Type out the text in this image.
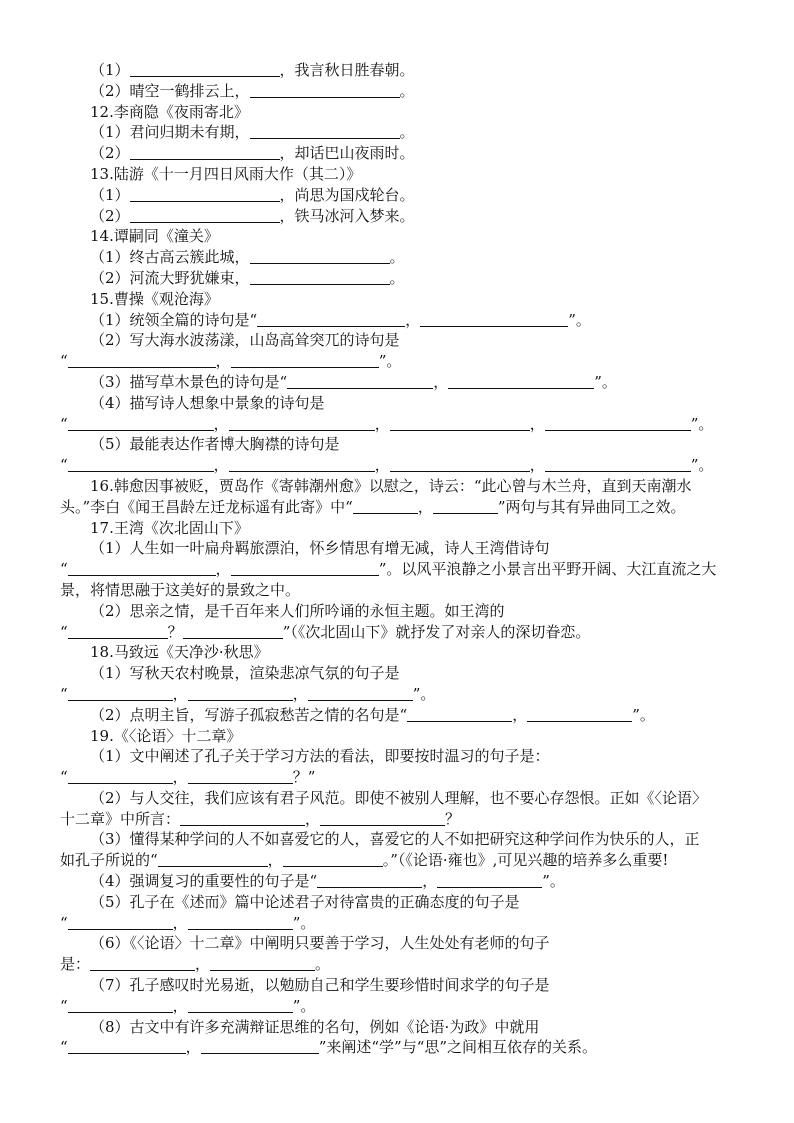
（1）	，我言秋日胜春朝。
（2）晴空一鹤排云上，	。
12.李商隐《夜雨寄北》
（1）君问归期未有期，	。
（2）	，却话巴山夜雨时。
13.陆游《十一月四日风雨大作（其二）》
（1）	，尚思为国戍轮台。
（2）	，铁马冰河入梦来。
14.谭嗣同《潼关》
（1）终古高云簇此城，	。
（2）河流大野犹嫌束，	。
15.曹操《观沧海》
（1）统领全篇的诗句是“	，	”。
（2）写大海水波荡漾，山岛高耸突兀的诗句是
“	，	”。
（3）描写草木景色的诗句是“	，	”。
（4）描写诗人想象中景象的诗句是
“	，	，	，	”。
（5）最能表达作者博大胸襟的诗句是
“	，	，	，	”。
16.韩愈因事被贬，贾岛作《寄韩潮州愈》以慰之，诗云：“此心曾与木兰舟，直到天南潮水
头。”李白《闻王昌龄左迁龙标遥有此寄》中“	，	”两句与其有异曲同工之效。
17.王湾《次北固山下》
（1）人生如一叶扁舟羁旅漂泊，怀乡情思有增无减，诗人王湾借诗句
“	，	”。以风平浪静之小景言出平野开阔、大江直流之大
景，将情思融于这美好的景致之中。
（2）思亲之情，是千百年来人们所吟诵的永恒主题。如王湾的
“	？	”（《次北固山下》就抒发了对亲人的深切眷恋。
18.马致远《天净沙·秋思》
（1）写秋天农村晚景，渲染悲凉气氛的句子是
“	，	，	”。
（2）点明主旨，写游子孤寂愁苦之情的名句是“	，	”。
19.《〈论语〉十二章》
（1）文中阐述了孔子关于学习方法的看法，即要按时温习的句子是：
“	，	？”
（2）与人交往，我们应该有君子风范。即使不被别人理解，也不要心存怨恨。正如《〈论语〉
十二章》中所言：	，	？
（3）懂得某种学问的人不如喜爱它的人，喜爱它的人不如把研究这种学问作为快乐的人，正
如孔子所说的“	，	。”（《论语·雍也》,可见兴趣的培养多么重要!
（4）强调复习的重要性的句子是“	，	”。
（5）孔子在《述而》篇中论述君子对待富贵的正确态度的句子是
“	，	”。
（6）《〈论语〉十二章》中阐明只要善于学习，人生处处有老师的句子
是：	，	。
（7）孔子感叹时光易逝，以勉励自己和学生要珍惜时间求学的句子是
“	，	”。
（8）古文中有许多充满辩证思维的名句，例如《论语·为政》中就用
“	，	”来阐述“学”与“思”之间相互依存的关系。
